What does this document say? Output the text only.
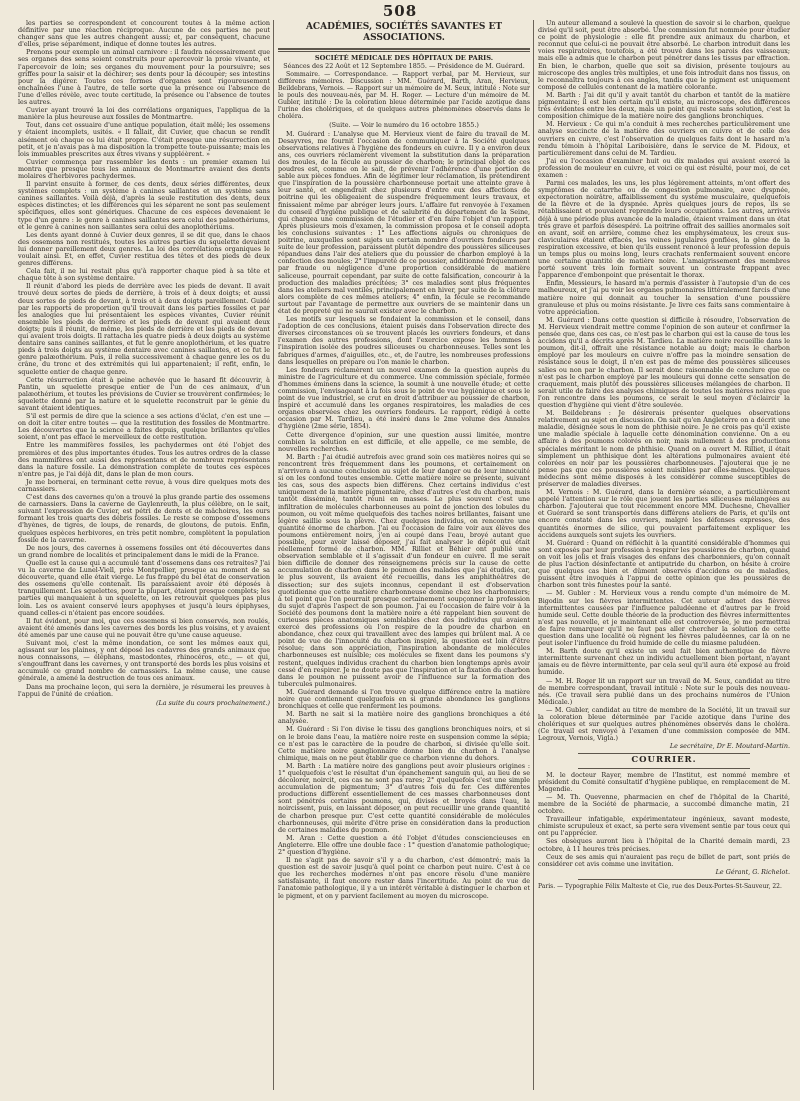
508

les parties se correspondent et concourent toutes à la même action définitive par une réaction réciproque. Aucune de ces parties ne peut changer sans que les autres changent aussi; et, par conséquent, chacune d'elles, prise séparément, indique et donne toutes les autres.

Prenons pour exemple un animal carnivore : il faudra nécessairement que ses organes des sens soient construits pour apercevoir la proie vivante, et l'apercevoir de loin; ses organes du mouvement pour la poursuivre; ses griffes pour la saisir et la déchirer; ses dents pour la découper; ses intestins pour la digérer. Toutes ces formes d'organes sont rigoureusement enchaînées l'une à l'autre, de telle sorte que la présence ou l'absence de l'une d'elles révèle, avec toute certitude, la présence ou l'absence de toutes les autres.

Cuvier ayant trouvé la loi des corrélations organiques, l'appliqua de la manière la plus heureuse aux fossiles de Montmartre.

Tout, dans cet ossuaire d'une antique population, était mêlé; les ossemens y étaient incomplets, usités. « Il fallait, dit Cuvier, que chacun se rendît aisément où chaque os lui était propre. C'était presque une résurrection en petit, et je n'avais pas à ma disposition la trompette toute-puissante; mais les lois immuables prescrites aux êtres vivans y suppléèrent. »

Cuvier commença par rassembler les dents : un premier examen lui montra que presque tous les animaux de Montmartre avaient des dents molaires d'herbivores pachydermes.

Il parvint ensuite à former, de ces dents, deux séries différentes, deux systèmes complets : un système à canines saillantes et un système sans canines saillantes. Voilà déjà, d'après la seule restitution des dents, deux espèces distinctes; et les différences qui les séparent ne sont pas seulement spécifiques, elles sont génériques. Chacune de ces espèces devenaient le type d'un genre : le genre à canines saillantes sera celui des palæothériums, et le genre à canines non saillantes sera celui des anoplothériums.

Les dents ayant donné à Cuvier deux genres, il se dit que, dans le chaos des ossemens non restitués, toutes les autres parties du squelette devaient lui donner pareillement deux genres. La loi des corrélations organiques le voulait ainsi. Et, en effet, Cuvier restitua des têtes et des pieds de deux genres différens.

Cela fait, il ne lui restait plus qu'à rapporter chaque pied à sa tête et chaque tête à son système dentaire.

Il réunit d'abord les pieds de derrière avec les pieds de devant. Il avait trouvé deux sortes de pieds de derrière, à trois et à deux doigts; et aussi deux sortes de pieds de devant, à trois et à deux doigts pareillement. Guidé par les rapports de proportion qu'il trouvait dans les parties fossiles et par les analogies que lui présentaient les espèces vivantes, Cuvier réunit ensemble les pieds de derrière et les pieds de devant qui avaient deux doigts; puis il réunit, de même, les pieds de derrière et les pieds de devant qui avaient trois doigts. Il rattacha les quatre pieds à deux doigts au système dentaire sans canines saillantes, et fut le genre anoplothérium, et les quatre pieds à trois doigts au système dentaire avec canines saillantes, et ce fut le genre palæothérium. Puis, il relia successivement à chaque genre les os du crâne, du tronc et des extrémités qui lui appartenaient; il refit, enfin, le squelette entier de chaque genre.

Cette résurrection était à peine achevée que le hasard fit découvrir, à Pantin, un squelette presque entier de l'un de ces animaux, d'un palæothérium, et toutes les prévisions de Cuvier se trouvèrent confirmées; le squelette donné par la nature et le squelette reconstruit par le génie du savant étaient identiques.

S'il est permis de dire que la science a ses actions d'éclat, c'en est une — on doit la citer entre toutes — que la restitution des fossiles de Montmartre. Les découvertes que la science a faites depuis, quelque brillantes qu'elles soient, n'ont pas effacé le merveilleux de cette restitution.

Entre les mammifères fossiles, les pachydermes ont été l'objet des premières et des plus importantes études. Tous les autres ordres de la classe des mammifères ont aussi des représentans et de nombreux représentans dans la nature fossile. La démonstration complète de toutes ces espèces n'entre pas, je l'ai déjà dit, dans le plan de mon cours.

Je me bornerai, en terminant cette revue, à vous dire quelques mots des carnassiers.

C'est dans des cavernes qu'on a trouvé la plus grande partie des ossemens de carnassiers. Dans la caverne de Gaylenreuth, la plus célèbre, on le sait, suivant l'expression de Cuvier, est pétri de dents et de mâchoires, les ours formant les trois quarts des débris fossiles. Le reste se compose d'ossemens d'hyènes, de tigres, de loups, de renards, de gloutons, de putois. Enfin, quelques espèces herbivores, en très petit nombre, complètent la population fossile de la caverne.

De nos jours, des cavernes à ossemens fossiles ont été découvertes dans un grand nombre de localités et principalement dans le midi de la France.

Quelle est la cause qui a accumulé tant d'ossemens dans ces retraites? J'ai vu la caverne de Lunel-Viell, près Montpellier, presque au moment de sa découverte, quand elle était vierge. Le fus frappé du bel état de conservation des ossemens qu'elle contenait. Ils paraissaient avoir été déposés à tranquillement. Les squelettes, pour la plupart, étaient presque complets; les parties qui manquaient à un squelette, on les retrouvait quelques pas plus loin. Les os avaient conservé leurs apophyses et jusqu'à leurs épiphyses, quand celles-ci n'étaient pas encore soudées.

Il fut évident, pour moi, que ces ossemens si bien conservés, non roulés, avaient été amenés dans les cavernes des bords les plus voisins, et y avaient été amenés par une cause qui ne pouvait être qu'une cause aqueuse.

Suivant moi, c'est la même inondation, ce sont les mêmes eaux qui, agissant sur les plaines, y ont déposé les cadavres des grands animaux que nous connaissons, — éléphans, mastodontes, rhinocéros, etc., — et qui, s'engouffrant dans les cavernes, y ont transporté des bords les plus voisins et accumulé ce grand nombre de carnassiers. La même cause, une cause générale, a amené la destruction de tous ces animaux.

Dans ma prochaine leçon, qui sera la dernière, je résumerai les preuves à l'appui de l'unité de création.

(La suite du cours prochainement.)

ACADÉMIES, SOCIÉTÉS SAVANTES ET ASSOCIATIONS.
SOCIÉTÉ MÉDICALE DES HÔPITAUX DE PARIS.
Séances des 22 Août et 12 Septembre 1855. — Présidence de M. Guérard.

Sommaire. — Correspondance. — Rapport verbal, par M. Hervieux, sur différens mémoires. Discussion : MM. Guérard, Barth, Aran, Hervieux, Beildebrans, Vernois. — Rapport sur un mémoire de M. Seux, intitulé : Note sur le pouls des nouveau-nés, par M. H. Roger. — Lecture d'un mémoire de M. Gubler, intitulé : De la coloration bleue déterminée par l'acide azotique dans l'urine des cholériques, et de quelques autres phénomènes observés dans le choléra.

(Suite. — Voir le numéro du 16 octobre 1855.)

M. Guérard : L'analyse que M. Hervieux vient de faire du travail de M. Desayvres, me fournit l'occasion de communiquer à la Société quelques observations relatives à l'hygiène des fondeurs en cuivre. Il y a environ deux ans, ces ouvriers réclamèrent vivement la substitution dans la préparation des moules, de la fécule au poussier de charbon; le principal objet de ces poudres est, comme on le sait, de prévenir l'adhérence d'une portion de sable aux pièces fondues. Afin de légitimer leur réclamation, ils prétendirent que l'inspiration de la poussière charbonneuse portait une atteinte grave à leur santé, et engendrait chez plusieurs d'entre eux des affections de poitrine qui les obligeaient de suspendre fréquemment leurs travaux, et finissaient même par abréger leurs jours. L'affaire fut renvoyée à l'examen du conseil d'hygiène publique et de salubrité du département de la Seine, qui chargea une commission de l'étudier et d'en faire l'objet d'un rapport. Après plusieurs mois d'examen, la commission proposa et le conseil adopta les conclusions suivantes : 1° Les affections aiguës ou chroniques de poitrine, auxquelles sont sujets un certain nombre d'ouvriers fondeurs par suite de leur profession, paraissent plutôt dépendre des poussières siliceuses répandues dans l'air des ateliers que du poussier de charbon employé à la confection des moules; 2° l'impureté de ce poussier, additionné fréquemment par fraude ou négligence d'une proportion considérable de matière saliceuse, pourrait cependant, par suite de cette falsification, concourir à la production des maladies précitées; 3° ces maladies sont plus fréquentes dans les ateliers mal ventilés, principalement en hiver, par suite de la clôture alors complète de ces mêmes ateliers; 4° enfin, la fécule se recommande surtout par l'avantage de permettre aux ouvriers de se maintenir dans un état de propreté qui ne saurait exister avec le charbon.

Les motifs sur lesquels se fondaient la commission et le conseil, dans l'adoption de ces conclusions, étaient puisés dans l'observation directe des diverses circonstances où se trouvent placés les ouvriers fondeurs, et dans l'examen des autres professions, dont l'exercice expose les hommes à l'inspiration isolée des poudres siliceuses ou charbonneuses. Telles sont les fabriques d'armes, d'aiguilles, etc., et, de l'autre, les nombreuses professions dans lesquelles on prépare ou l'on manie le charbon.

Les fondeurs réclamèrent un nouvel examen de la question auprès du ministre de l'agriculture et du commerce. Une commission spéciale, formée d'hommes éminens dans la science, la soumit à une nouvelle étude; et cette commission, l'envisageant à la fois sous le point de vue hygiénique et sous le point de vue industriel, se crut en droit d'attribuer au poussier de charbon, inspiré et accumulé dans les organes respiratoires, les maladies de ces organes observées chez les ouvriers fondeurs. Le rapport, rédigé à cette occasion par M. Tardieu, a été inséré dans le 2me volume des Annales d'hygiène (2me série, 1854).

Cette divergence d'opinion, sur une question aussi limitée, montre combien la solution en est difficile, et elle appelle, ce me semble, de nouvelles recherches.

M. Barth : J'ai étudié autrefois avec grand soin ces matières noires qui se rencontrent très fréquemment dans les poumons, et certainement on n'arrivera à aucune conclusion au sujet de leur danger ou de leur innocuité si on les confond toutes ensemble. Cette matière noire se présente, suivant les cas, sous des aspects bien différens. Chez certains individus c'est uniquement de la matière pigmentaire, chez d'autres c'est du charbon, mais tantôt disséminé, tantôt réuni en masses. Le plus souvent c'est une infiltration de molécules charbonneuses au point de jonction des lobules du poumon, ou voit même quelquefois des taches noires brillantes, faisant une légère saillie sous la plèvre. Chez quelques individus, on rencontre une quantité énorme de charbon. J'ai eu l'occasion de faire voir aux élèves des poumons entièrement noirs, j'en ai coupé dans l'eau, broyé autant que possible, pour avoir laissé déposer, j'ai fait analyser le dépôt qui était réellement formé de charbon. MM. Rilliet et Béhier ont publié une observation semblable et il s'agissait d'un fondeur en cuivre. Il me serait bien difficile de donner des renseignemens précis sur la cause de cette accumulation de charbon dans le poumon des malades que j'ai étudiés, car, le plus souvent, ils avaient été recueillis, dans les amphithéâtres de dissection; sur des sujets inconnus, cependant il est d'observation quotidienne que cette matière charbonneuse domine chez les charbonniers; à tel point que l'on pourrait presque certainement soupçonner la profession du sujet d'après l'aspect de son poumon. J'ai eu l'occasion de faire voir à la Société des poumons dont la matière noire a été rappelant bien souvent de curieuses pièces anatomiques semblables chez des individus qui avaient exercé des professions où l'on respire de la poudre de charbon en abondance, chez ceux qui travaillent avec des lampes qui brûlent mal. A ce point de vue de l'innocuité du charbon inspiré, la question est loin d'être résolue; dans son appréciation, l'inspiration abondante de molécules charbonneuses est nuisible; ces molécules se fixent dans les poumons s'y restent, quelques individus crachent du charbon bien longtemps après avoir cessé d'en respirer. Je ne doute pas que l'inspiration et la fixation du charbon dans le poumon ne puissent avoir de l'influence sur la formation des tubercules pulmonaires.

M. Guérard demande si l'on trouve quelque différence entre la matière noire que contiennent quelquefois en si grande abondance les ganglions bronchiques et celle que renferment les poumons.

M. Barth ne sait si la matière noire des ganglions bronchiques a été analysée.

M. Guérard : Si l'on divise le tissu des ganglions bronchiques noirs, et si on le broie dans l'eau, la matière noire reste en suspension comme la sépia; ce n'est pas le caractère de la poudre de charbon, si divisée qu'elle soit. Cette matière noire ganglionnaire donne bien du charbon à l'analyse chimique, mais on ne peut établir que ce charbon vienne du dehors.

M. Barth : La matière noire des ganglions peut avoir plusieurs origines : 1° quelquefois c'est le résultat d'un épanchement sanguin qui, au lieu de se décolorer, noircit, ces cas ne sont pas rares; 2° quelquefois c'est une simple accumulation de pigmentum; 3° d'autres fois du fer. Ces différentes productions diffèrent essentiellement de ces masses charbonneuses dont sont pénétrés certains poumons, qui, divisés et broyés dans l'eau, la noircissent, puis, en laissant déposer, on peut recueillir une grande quantité de charbon presque pur. C'est cette quantité considérable de molécules charbonneuses, qui mérite d'être prise en considération dans la production de certaines maladies du poumon.

M. Aran : Cette question a été l'objet d'études consciencieuses en Angleterre. Elle offre une double face : 1° question d'anatomie pathologique; 2° question d'hygiène.

Il ne s'agit pas de savoir s'il y a du charbon, c'est démontré; mais la question est de savoir jusqu'à quel point ce charbon peut nuire. C'est à ce que les recherches modernes n'ont pas encore résolu d'une manière satisfaisante, il faut encore rester dans l'incertitude. Au point de vue de l'anatomie pathologique, il y a un intérêt véritable à distinguer le charbon et le pigment, et on y parvient facilement au moyen du microscope.

Un auteur allemand a soulevé la question de savoir si le charbon, quelque divisé qu'il soit, peut être absorbé. Une commission fut nommée pour étudier ce point de physiologie : elle fit prendre aux animaux du charbon, et reconnut que celui-ci ne pouvait être absorbé. Le charbon introduit dans les voies respiratoires, toutefois, a été trouvé dans les parois des vaisseaux; mais elle a admis que le charbon peut pénétrer dans les tissus par effraction. En bien, le charbon, quelle que soit sa division, présente toujours au microscope des angles très multiples, et une fois introduit dans nos tissus, on le reconnaîtra toujours à ces angles, tandis que le pigment est uniquement composé de cellules contenant de la matière colorante.

M. Barth : J'ai dit qu'il y avait tantôt du charbon et tantôt de la matière pigmentaire; il est bien certain qu'il existe, au microscope, des différences très évidentes entre les deux, mais un point qui reste sans solution, c'est la composition chimique de la matière noire des ganglions bronchiques.

M. Hervieux : Ce qui m'a conduit à mes recherches particulièrement une analyse succincte de la matière des ouvriers en cuivre et de celle des ouvriers en cuivre, c'est l'observation de quelques faits dont le hasard m'a rendu témoin à l'hôpital Lariboisière, dans le service de M. Pidoux, et particulièrement dans celui de M. Tardieu.

J'ai eu l'occasion d'examiner huit ou dix malades qui avaient exercé la profession de mouleur en cuivre, et voici ce qui est résulté, pour moi, de cet examen :

Parmi ces malades, les uns, les plus légèrement atteints, m'ont offert des symptômes de catarrhe ou de congestion pulmonaire, avec dyspnée, expectoration noirâtre, affaiblissement du système musculaire, quelquefois de la fièvre et de la dyspnée. Après quelques jours de repos, ils se rétablissaient et pouvaient reprendre leurs occupations. Les autres, arrivés déjà à une période plus avancée de la maladie, étaient vraiment dans un état très grave et parfois désespéré. La poitrine offrait des saillies anormales soit en avant, soit en arrière, comme chez les emphysémateux, les creux sus-claviculaires étaient effacés, les veines jugulaires gonflées, la gêne de la respiration excessive, et bien qu'ils eussent renoncé à leur profession depuis un temps plus ou moins long, leurs crachats renfermaient souvent encore une certaine quantité de matière noire. L'amaigrissement des membres porté souvent très loin formait souvent un contraste frappant avec l'apparence d'embonpoint que présentait le thorax.

Enfin, Messieurs, le hasard m'a permis d'assister à l'autopsie d'un de ces malheureux, et j'ai pu voir les organes pulmonaires littéralement farcis d'une matière noire qui donnait au toucher la sensation d'une poussière granuleuse et plus ou moins résistante. Je livre ces faits sans commentaire à votre appréciation.

M. Guérard : Dans cette question si difficile à résoudre, l'observation de M. Hervieux viendrait mettre comme l'opinion de son auteur et confirmer la pensée que, dans ces cas, ce n'est pas le charbon qui est la cause de tous les accidens qu'il a décrits après M. Tardieu. La matière noire recueillie dans le poumon, dit-il, offrait une résistance notable au doigt; mais le charbon employé par les mouleurs en cuivre n'offre pas la moindre sensation de résistance sous le doigt, il n'en est pas de même des poussières siliceuses salies ou non par le charbon. Il serait donc raisonnable de conclure que ce n'est pas le charbon employé par les mouleurs qui donne cette sensation de craquement, mais plutôt des poussières siliceuses mélangées de charbon. Il serait utile de faire des analyses chimiques de toutes les matières noires que l'on rencontre dans les poumons, ce serait le seul moyen d'éclaircir la question d'hygiène qui vient d'être soulevée.

M. Beildebrans : Je désirerais présenter quelques observations relativement au sujet en discussion. On sait qu'en Angleterre on a décrit une maladie, désignée sous le nom de phthisie noire. Je ne crois pas qu'il existe une maladie spéciale à laquelle cette dénomination convienne. On a eu affaire à des poumons colorés en noir, mais nullement à des productions spéciales méritant le nom de phthisie. Quand on a ouvert M. Rilliet, il était simplement un phthisique dont les altérations pulmonaires avaient été colorées en noir par les poussières charbonneuses. J'ajouterai que je ne pense pas que ces poussières soient nuisibles par elles-mêmes. Quelques médecins sont même disposés à les considérer comme susceptibles de préserver de maladies diverses.

M. Vernois : M. Guérard, dans la dernière séance, a particulièrement appelé l'attention sur le rôle que jouent les parties siliceuses mélangées au charbon. J'ajouterai que tout récemment encore MM. Duchesne, Chevallier et Guérard se sont transportés dans différens ateliers de Paris, et qu'ils ont encore constaté dans les ouvriers, malgré les défenses expresses, des quantités énormes de silice, qui pouvaient parfaitement expliquer les accidens auxquels sont sujets les ouvriers.

M. Guérard : Quand on réfléchit à la quantité considérable d'hommes qui sont exposés par leur profession à respirer les poussières de charbon, quand on voit les jolis et frais visages des enfans des charbonniers, qu'on connaît de plus l'action désinfectante et antiputride du charbon, on hésite à croire que quelques cas bien et dûment observés d'accidens ou de maladies, puissent être invoqués à l'appui de cette opinion que les poussières de charbon sont très funestes pour la santé.

— M. Gubler : M. Hervieux vous a rendu compte d'un mémoire de M. Bigodin sur les fièvres intermittentes. Cet auteur admet des fièvres intermittentes causées par l'influence paludéenne et d'autres par le froid humide seul. Cette double théorie de la production des fièvres intermittentes n'est pas nouvelle, et je maintenant elle est controversée, je me permettrai de faire remarquer qu'il ne faut pas aller chercher la solution de cette question dans une localité où règnent les fièvres paludéennes, car là on ne peut isoler l'influence du froid humide de celle du miasme paludéen.

M. Barth doute qu'il existe un seul fait bien authentique de fièvre intermittente survenant chez un individu actuellement bien portant, n'ayant jamais eu de fièvre intermittente, par cela seul qu'il aura été exposé au froid humide.

— M. H. Roger lit un rapport sur un travail de M. Seux, candidat au titre de membre correspondant, travail intitulé : Note sur le pouls des nouveau-nés. (Ce travail sera publié dans un des prochains numéros de l'Union Médicale.)

— M. Gubler, candidat au titre de membre de la Société, lit un travail sur la coloration bleue déterminée par l'acide azotique dans l'urine des cholériques et sur quelques autres phénomènes observés dans le choléra. (Ce travail est renvoyé à l'examen d'une commission composée de MM. Legroux, Vernois, Vigla.)

Le secrétaire, Dr E. Moutard-Martin.

COURRIER.

M. le docteur Rayer, membre de l'Institut, est nommé membre et président du Comité consultatif d'hygiène publique, en remplacement de M. Magendie.

— M. Th. Quevenne, pharmacien en chef de l'hôpital de la Charité, membre de la Société de pharmacie, a succombé dimanche matin, 21 octobre.

Travailleur infatigable, expérimentateur ingénieux, savant modeste, chimiste scrupuleux et exact, sa perte sera vivement sentie par tous ceux qui ont pu l'apprécier.

Ses obsèques auront lieu à l'hôpital de la Charité demain mardi, 23 octobre, à 11 heures très précises.

Ceux de ses amis qui n'auraient pas reçu de billet de part, sont priés de considérer cet avis comme une invitation.

Le Gérant, G. Richelot.

Paris. — Typographie Félix Malteste et Cie, rue des Deux-Portes-St-Sauveur, 22.
